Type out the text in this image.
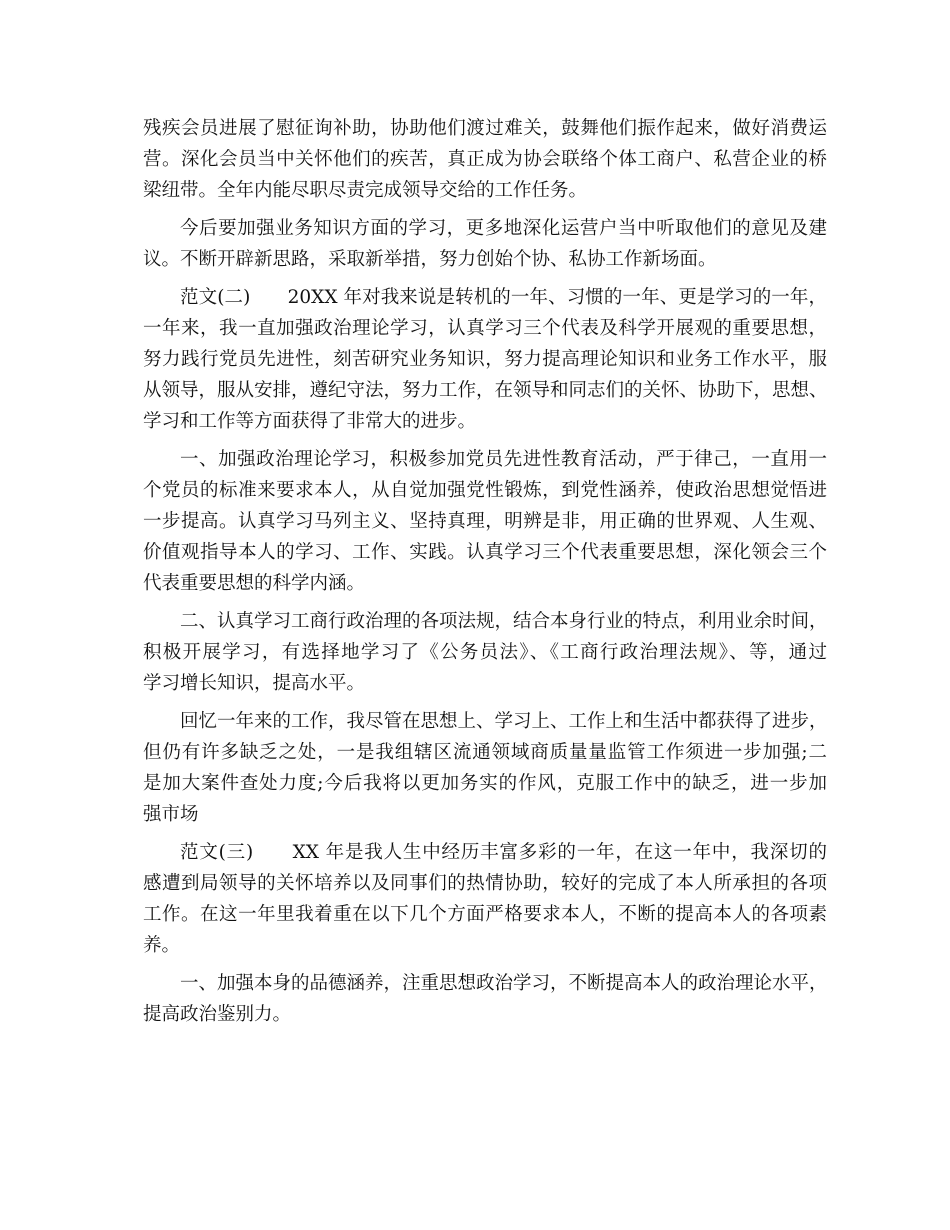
残疾会员进展了慰征询补助，协助他们渡过难关，鼓舞他们振作起来，做好消费运
营。深化会员当中关怀他们的疾苦，真正成为协会联络个体工商户、私营企业的桥
梁纽带。全年内能尽职尽责完成领导交给的工作任务。
今后要加强业务知识方面的学习，更多地深化运营户当中听取他们的意见及建
议。不断开辟新思路，采取新举措，努力创始个协、私协工作新场面。
范文(二)　　20XX 年对我来说是转机的一年、习惯的一年、更是学习的一年，
一年来，我一直加强政治理论学习，认真学习三个代表及科学开展观的重要思想，
努力践行党员先进性，刻苦研究业务知识，努力提高理论知识和业务工作水平，服
从领导，服从安排，遵纪守法，努力工作，在领导和同志们的关怀、协助下，思想、
学习和工作等方面获得了非常大的进步。
一、加强政治理论学习，积极参加党员先进性教育活动，严于律己，一直用一
个党员的标准来要求本人，从自觉加强党性锻炼，到党性涵养，使政治思想觉悟进
一步提高。认真学习马列主义、坚持真理，明辨是非，用正确的世界观、人生观、
价值观指导本人的学习、工作、实践。认真学习三个代表重要思想，深化领会三个
代表重要思想的科学内涵。
二、认真学习工商行政治理的各项法规，结合本身行业的特点，利用业余时间，
积极开展学习，有选择地学习了《公务员法》、《工商行政治理法规》、等，通过
学习增长知识，提高水平。
回忆一年来的工作，我尽管在思想上、学习上、工作上和生活中都获得了进步，
但仍有许多缺乏之处，一是我组辖区流通领域商质量量监管工作须进一步加强;二
是加大案件查处力度;今后我将以更加务实的作风，克服工作中的缺乏，进一步加
强市场
范文(三)　　XX 年是我人生中经历丰富多彩的一年，在这一年中，我深切的
感遭到局领导的关怀培养以及同事们的热情协助，较好的完成了本人所承担的各项
工作。在这一年里我着重在以下几个方面严格要求本人，不断的提高本人的各项素
养。
一、加强本身的品德涵养，注重思想政治学习，不断提高本人的政治理论水平，
提高政治鉴别力。
